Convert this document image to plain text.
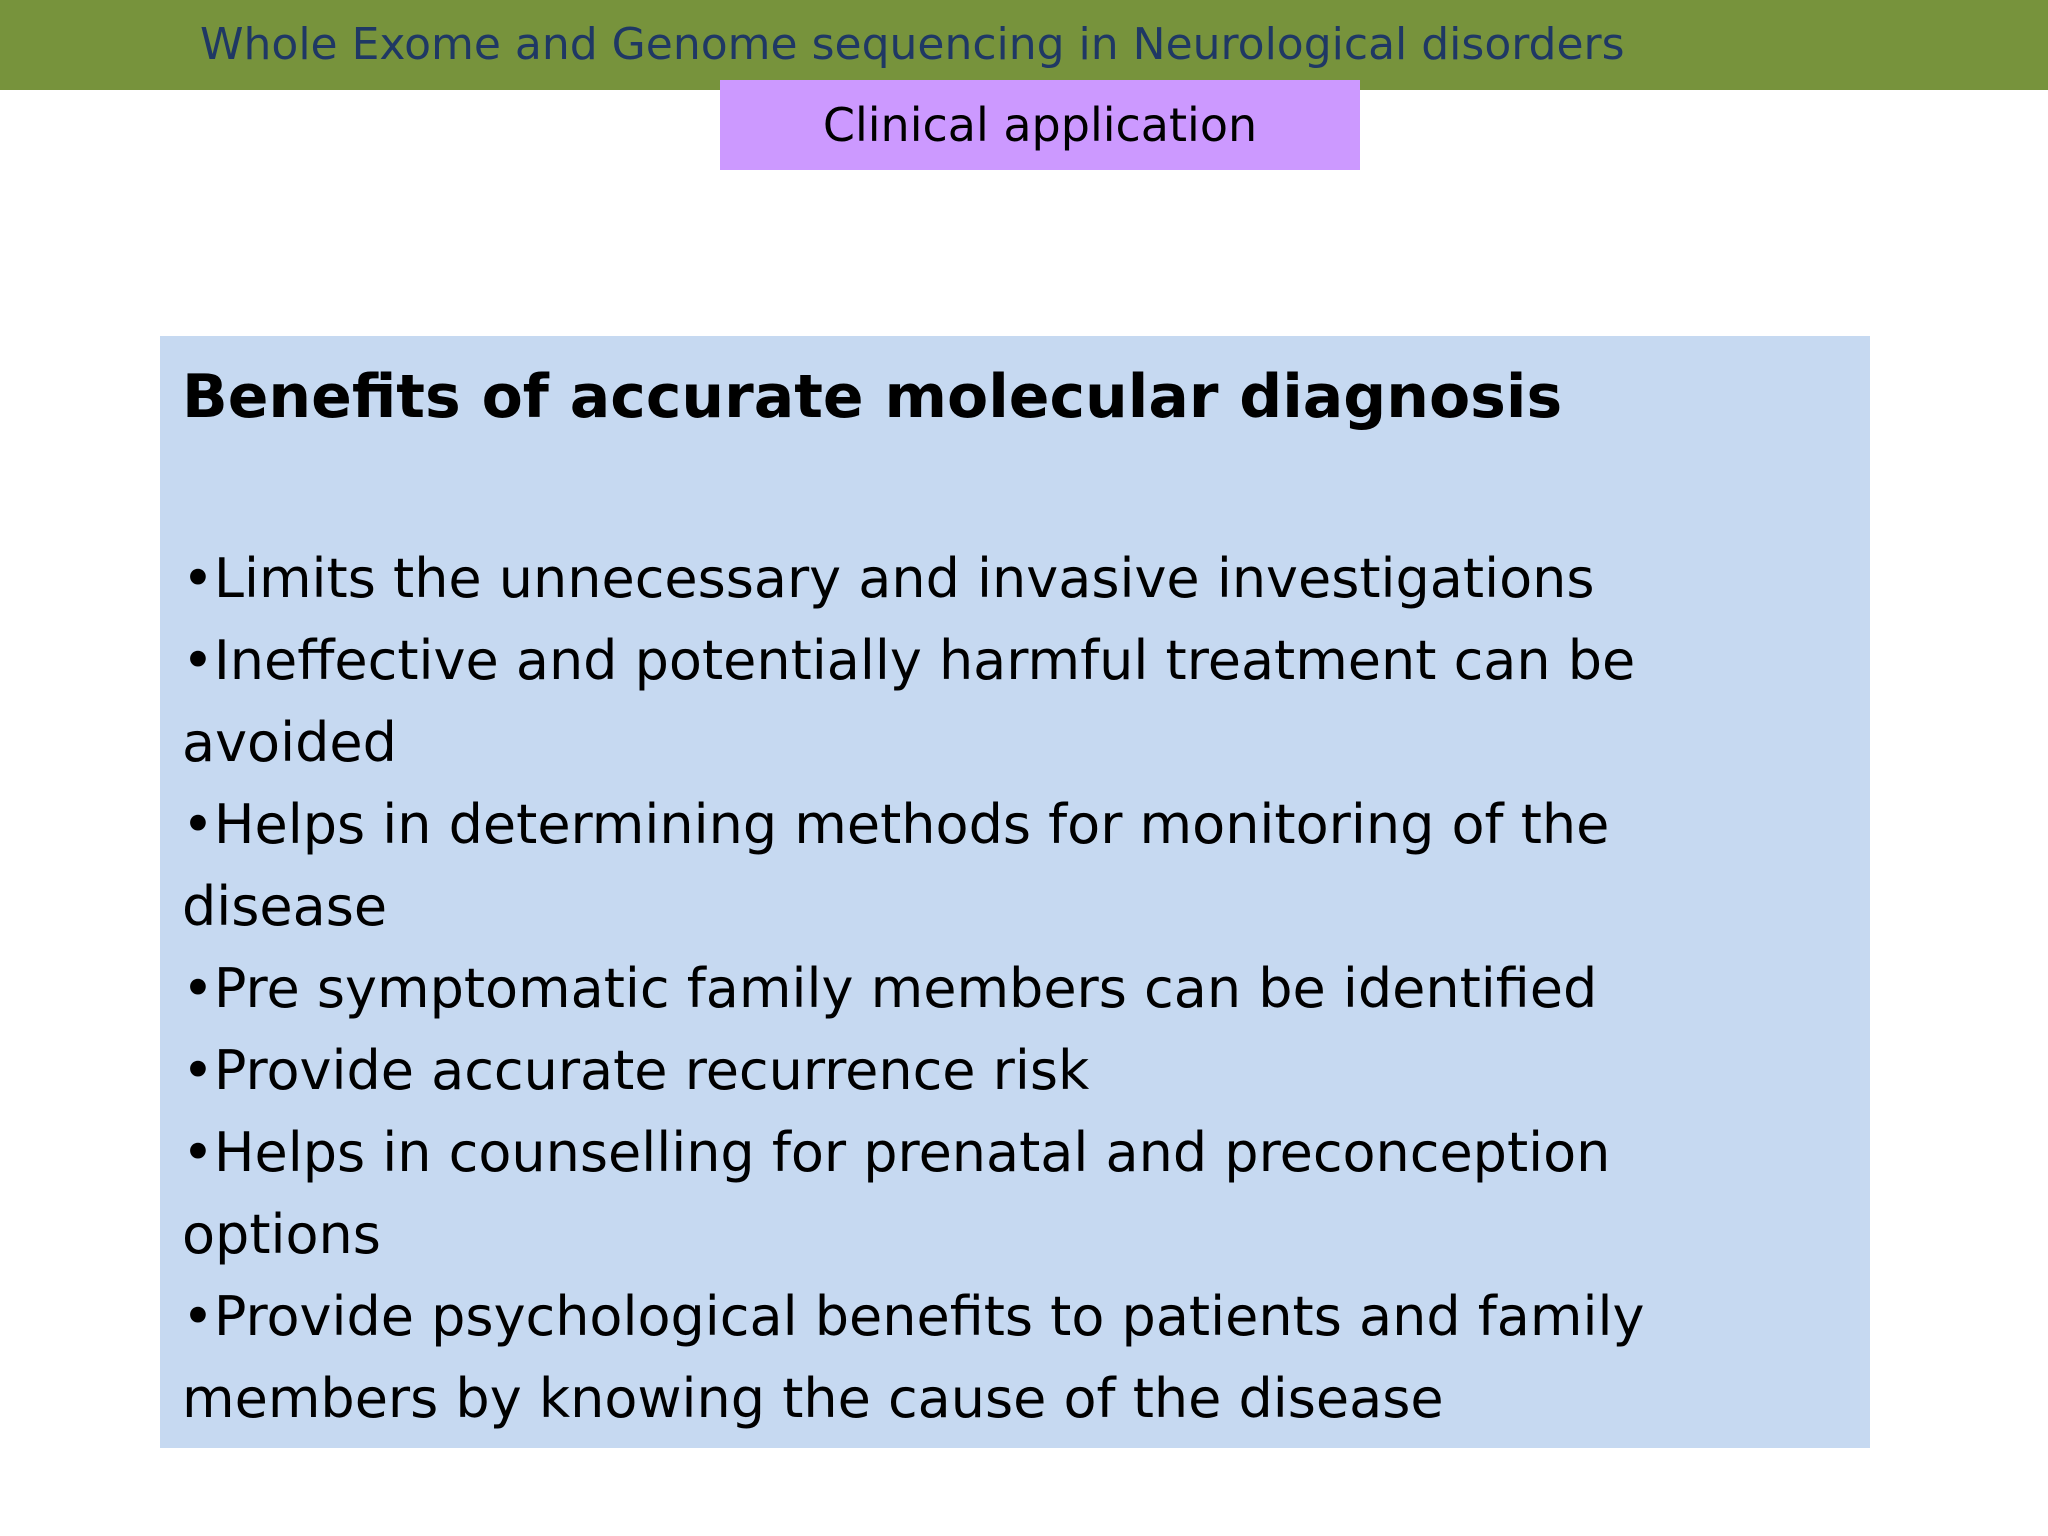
Whole Exome and Genome sequencing in Neurological disorders
Clinical application
Benefits of accurate molecular diagnosis
•Limits the unnecessary and invasive investigations
•Ineffective and potentially harmful treatment can be avoided
•Helps in determining methods for monitoring of the disease
•Pre symptomatic family members can be identified
•Provide accurate recurrence risk
•Helps in counselling for prenatal and preconception options
•Provide psychological benefits to patients and family members by knowing the cause of the disease
